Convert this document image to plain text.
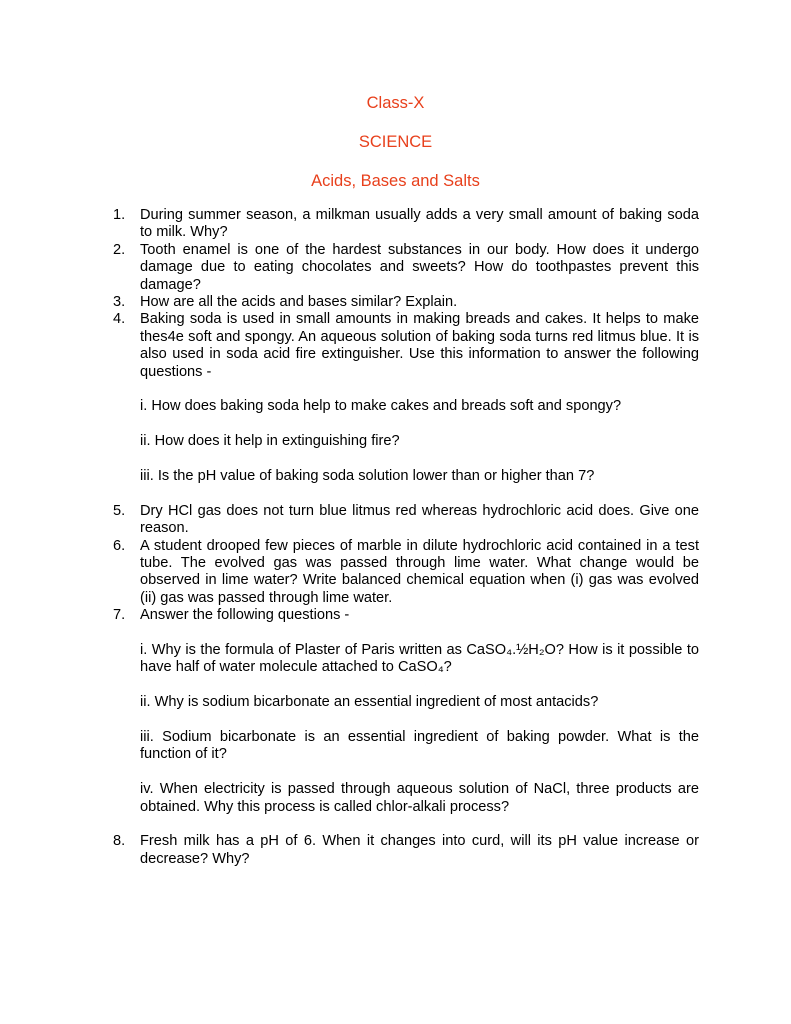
Class-X
SCIENCE
Acids, Bases and Salts
1.	During summer season, a milkman usually adds a very small amount of baking soda to milk. Why?
2.	Tooth enamel is one of the hardest substances in our body. How does it undergo damage due to eating chocolates and sweets? How do toothpastes prevent this damage?
3.	How are all the acids and bases similar? Explain.
4.	Baking soda is used in small amounts in making breads and cakes. It helps to make thes4e soft and spongy. An aqueous solution of baking soda turns red litmus blue. It is also used in soda acid fire extinguisher. Use this information to answer the following questions -
i. How does baking soda help to make cakes and breads soft and spongy?
ii. How does it help in extinguishing fire?
iii. Is the pH value of baking soda solution lower than or higher than 7?
5.	Dry HCl gas does not turn blue litmus red whereas hydrochloric acid does. Give one reason.
6.	A student drooped few pieces of marble in dilute hydrochloric acid contained in a test tube. The evolved gas was passed through lime water. What change would be observed in lime water? Write balanced chemical equation when (i) gas was evolved (ii) gas was passed through lime water.
7.	Answer the following questions -
i. Why is the formula of Plaster of Paris written as CaSO₄.½H₂O? How is it possible to have half of water molecule attached to CaSO₄?
ii. Why is sodium bicarbonate an essential ingredient of most antacids?
iii. Sodium bicarbonate is an essential ingredient of baking powder. What is the function of it?
iv. When electricity is passed through aqueous solution of NaCl, three products are obtained. Why this process is called chlor-alkali process?
8.	Fresh milk has a pH of 6. When it changes into curd, will its pH value increase or decrease? Why?
